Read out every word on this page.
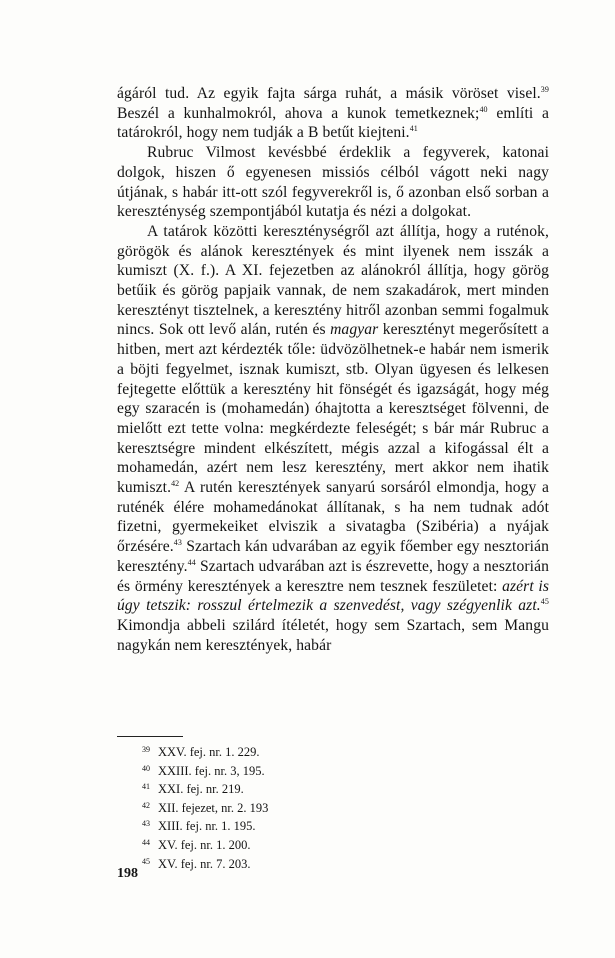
ágáról tud. Az egyik fajta sárga ruhát, a másik vöröset visel.$^{39}$ Beszél a kunhalmokról, ahova a kunok temetkeznek;$^{40}$ említi a tatárokról, hogy nem tudják a B betűt kiejteni.$^{41}$

Rubruc Vilmost kevésbbé érdeklik a fegyverek, katonai dolgok, hiszen ő egyenesen missiós célból vágott neki nagy útjának, s habár itt-ott szól fegyverekről is, ő azonban első sorban a kereszténység szempontjából kutatja és nézi a dolgokat.

A tatárok közötti kereszténységről azt állítja, hogy a ruténok, görögök és alánok keresztények és mint ilyenek nem isszák a kumiszt (X. f.). A XI. fejezetben az alánokról állítja, hogy görög betűik és görög papjaik vannak, de nem szakadárok, mert minden keresztényt tisztelnek, a keresztény hitről azonban semmi fogalmuk nincs. Sok ott levő alán, rutén és magyar keresztényt megerősített a hitben, mert azt kérdezték tőle: üdvözölhetnek-e habár nem ismerik a böjti fegyelmet, isznak kumiszt, stb. Olyan ügyesen és lelkesen fejtegette előttük a keresztény hit fönségét és igazságát, hogy még egy szaracén is (mohamedán) óhajtotta a keresztséget fölvenni, de mielőtt ezt tette volna: megkérdezte feleségét; s bár már Rubruc a keresztségre mindent elkészített, mégis azzal a kifogással élt a mohamedán, azért nem lesz keresztény, mert akkor nem ihatik kumiszt.$^{42}$ A rutén keresztények sanyarú sorsáról elmondja, hogy a ruténék élére mohamedánokat állítanak, s ha nem tudnak adót fizetni, gyermekeiket elviszik a sivatagba (Szibéria) a nyájak őrzésére.$^{43}$ Szartach kán udvarában az egyik főember egy nesztorián keresztény.$^{44}$ Szartach udvarában azt is észrevette, hogy a nesztorián és örmény keresztények a keresztre nem tesznek feszületet: azért is úgy tetszik: rosszul értelmezik a szenvedést, vagy szégyenlik azt.$^{45}$ Kimondja abbeli szilárd ítéletét, hogy sem Szartach, sem Mangu nagykán nem keresztények, habár

39 XXV. fej. nr. 1. 229.
40 XXIII. fej. nr. 3, 195.
41 XXI. fej. nr. 219.
42 XII. fejezet, nr. 2. 193
43 XIII. fej. nr. 1. 195.
44 XV. fej. nr. 1. 200.
45 XV. fej. nr. 7. 203.
198
